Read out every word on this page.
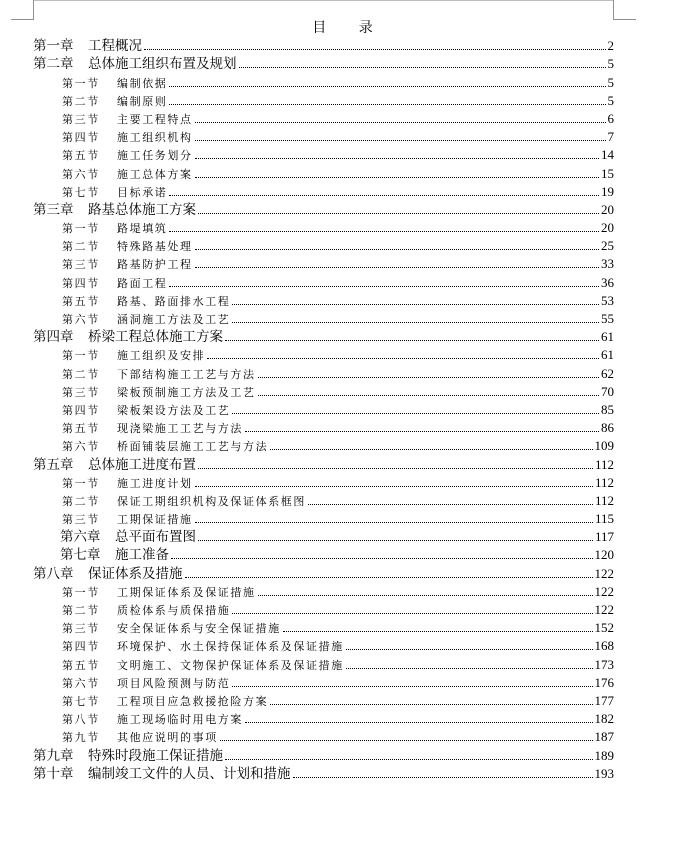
目 录
第一章	工程概况	2
第二章	总体施工组织布置及规划	5
第一节	编制依据	5
第二节	编制原则	5
第三节	主要工程特点	6
第四节	施工组织机构	7
第五节	施工任务划分	14
第六节	施工总体方案	15
第七节	目标承诺	19
第三章	路基总体施工方案	20
第一节	路堤填筑	20
第二节	特殊路基处理	25
第三节	路基防护工程	33
第四节	路面工程	36
第五节	路基、路面排水工程	53
第六节	涵洞施工方法及工艺	55
第四章	桥梁工程总体施工方案	61
第一节	施工组织及安排	61
第二节	下部结构施工工艺与方法	62
第三节	梁板预制施工方法及工艺	70
第四节	梁板架设方法及工艺	85
第五节	现浇梁施工工艺与方法	86
第六节	桥面铺装层施工工艺与方法	109
第五章	总体施工进度布置	112
第一节	施工进度计划	112
第二节	保证工期组织机构及保证体系框图	112
第三节	工期保证措施	115
第六章	总平面布置图	117
第七章	施工准备	120
第八章	保证体系及措施	122
第一节	工期保证体系及保证措施	122
第二节	质检体系与质保措施	122
第三节	安全保证体系与安全保证措施	152
第四节	环境保护、水土保持保证体系及保证措施	168
第五节	文明施工、文物保护保证体系及保证措施	173
第六节	项目风险预测与防范	176
第七节	工程项目应急救援抢险方案	177
第八节	施工现场临时用电方案	182
第九节	其他应说明的事项	187
第九章	特殊时段施工保证措施	189
第十章	编制竣工文件的人员、计划和措施	193
